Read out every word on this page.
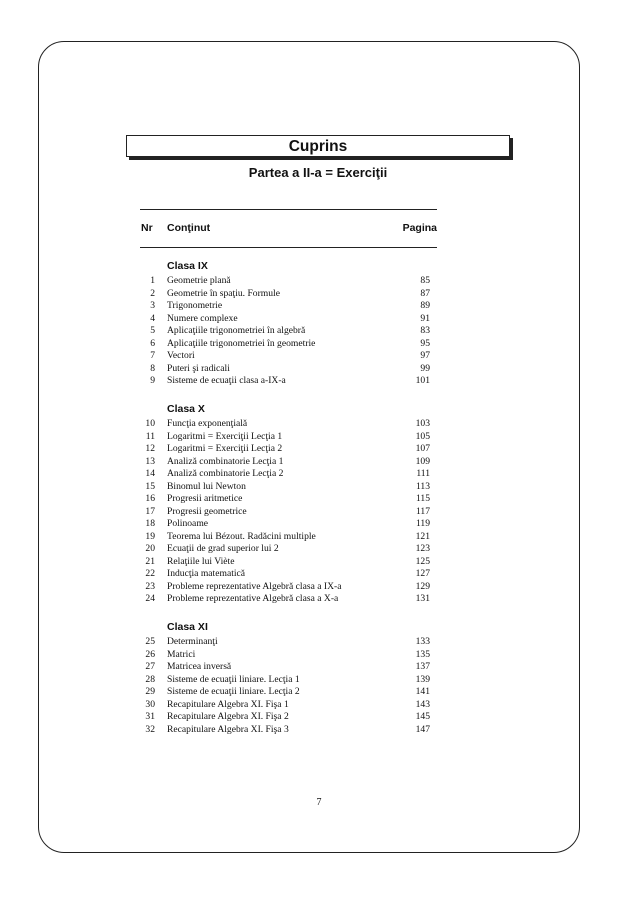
Cuprins
Partea a II-a = Exerciţii
Nr Conţinut	Pagina
Clasa IX
1 Geometrie plană	85
2 Geometrie în spaţiu. Formule	87
3 Trigonometrie	89
4 Numere complexe	91
5 Aplicaţiile trigonometriei în algebră	83
6 Aplicaţiile trigonometriei în geometrie	95
7 Vectori	97
8 Puteri şi radicali	99
9 Sisteme de ecuaţii clasa a-IX-a	101
Clasa X
10 Funcţia exponenţială	103
11 Logaritmi = Exerciţii Lecţia 1	105
12 Logaritmi = Exerciţii Lecţia 2	107
13 Analiză combinatorie Lecţia 1	109
14 Analiză combinatorie Lecţia 2	111
15 Binomul lui Newton	113
16 Progresii aritmetice	115
17 Progresii geometrice	117
18 Polinoame	119
19 Teorema lui Bézout. Radăcini multiple	121
20 Ecuaţii de grad superior lui 2	123
21 Relaţiile lui Viète	125
22 Inducţia matematică	127
23 Probleme reprezentative Algebră clasa a IX-a	129
24 Probleme reprezentative Algebră clasa a X-a	131
Clasa XI
25 Determinanţi	133
26 Matrici	135
27 Matricea inversă	137
28 Sisteme de ecuaţii liniare. Lecţia 1	139
29 Sisteme de ecuaţii liniare. Lecţia 2	141
30 Recapitulare Algebra XI. Fişa 1	143
31 Recapitulare Algebra XI. Fişa 2	145
32 Recapitulare Algebra XI. Fişa 3	147
7
